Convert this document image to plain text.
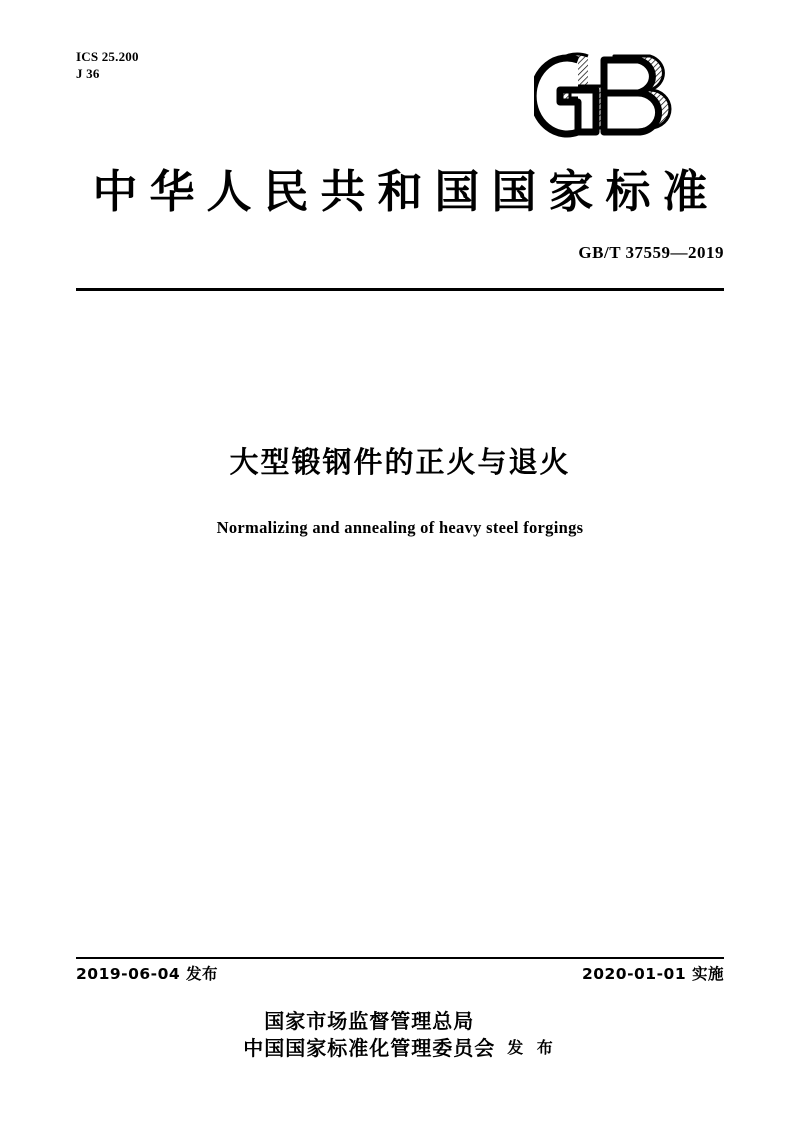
ICS 25.200
J 36
中华人民共和国国家标准
GB/T 37559—2019
大型锻钢件的正火与退火
Normalizing and annealing of heavy steel forgings
2019-06-04 发布	2020-01-01 实施
国家市场监督管理总局
中国国家标准化管理委员会 发 布
